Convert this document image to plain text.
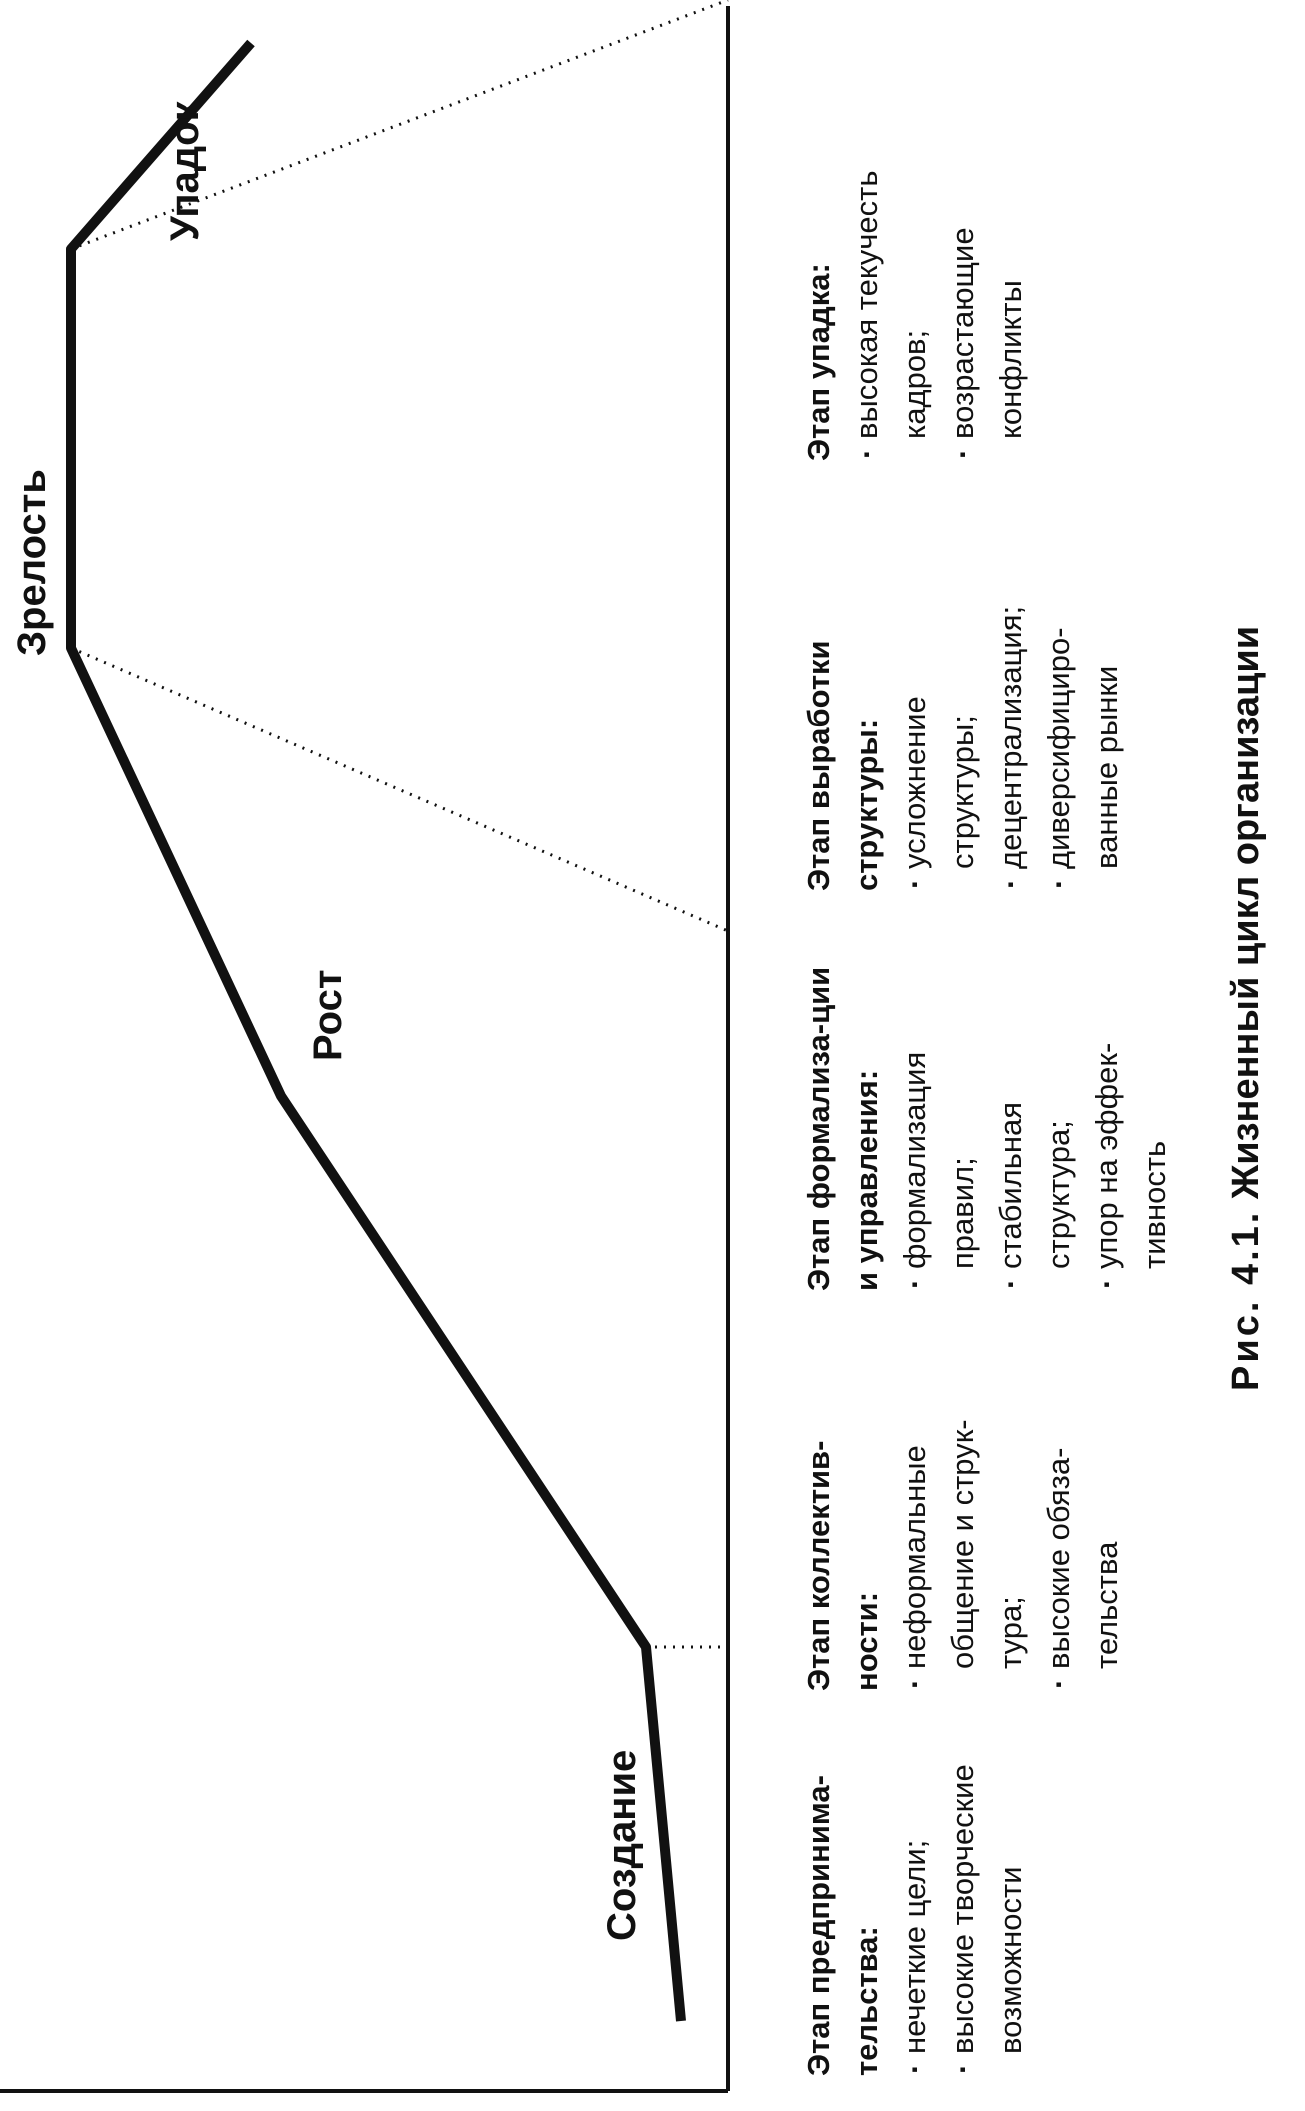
Создание
Рост
Зрелость
Упадок
Этап предпринима-тельства: · нечеткие цели; · высокие творческие возможности
Этап коллектив-ности: · неформальные общение и струк-тура; · высокие обяза-тельства
Этап формализа-ции и управления: · формализация правил; · стабильная структура; · упор на эффек-тивность
Этап выработки структуры: · усложнение структуры; · децентрализация; · диверсифициро-ванные рынки
Этап упадка: · высокая текучесть кадров; · возрастающие конфликты
Рис. 4.1. Жизненный цикл организации
